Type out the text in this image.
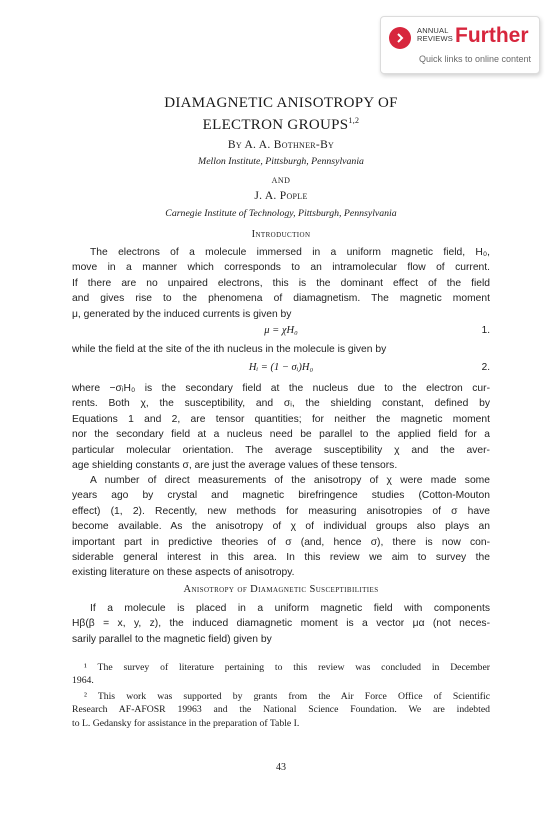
ANNUAL REVIEWS Further
Quick links to online content
DIAMAGNETIC ANISOTROPY OF
ELECTRON GROUPS$^{1,2}$
By A. A. Bothner-By
Mellon Institute, Pittsburgh, Pennsylvania
AND
J. A. Pople
Carnegie Institute of Technology, Pittsburgh, Pennsylvania
Introduction
The electrons of a molecule immersed in a uniform magnetic field, H₀,
move in a manner which corresponds to an intramolecular flow of current.
If there are no unpaired electrons, this is the dominant effect of the field
and gives rise to the phenomena of diamagnetism. The magnetic moment
μ, generated by the induced currents is given by
μ = χH₀	1.
while the field at the site of the ith nucleus in the molecule is given by
Hᵢ = (1 − σᵢ)H₀	2.
where −σᵢH₀ is the secondary field at the nucleus due to the electron cur-
rents. Both χ, the susceptibility, and σᵢ, the shielding constant, defined by
Equations 1 and 2, are tensor quantities; for neither the magnetic moment
nor the secondary field at a nucleus need be parallel to the applied field for a
particular molecular orientation. The average susceptibility χ and the aver-
age shielding constants σ, are just the average values of these tensors.
A number of direct measurements of the anisotropy of χ were made some
years ago by crystal and magnetic birefringence studies (Cotton-Mouton
effect) (1, 2). Recently, new methods for measuring anisotropies of σ have
become available. As the anisotropy of χ of individual groups also plays an
important part in predictive theories of σ (and, hence σ), there is now con-
siderable general interest in this area. In this review we aim to survey the
existing literature on these aspects of anisotropy.
Anisotropy of Diamagnetic Susceptibilities
If a molecule is placed in a uniform magnetic field with components
Hβ(β = x, y, z), the induced diamagnetic moment is a vector μα (not neces-
sarily parallel to the magnetic field) given by
¹ The survey of literature pertaining to this review was concluded in December
1964.
² This work was supported by grants from the Air Force Office of Scientific
Research AF-AFOSR 19963 and the National Science Foundation. We are indebted
to L. Gedansky for assistance in the preparation of Table I.
43
